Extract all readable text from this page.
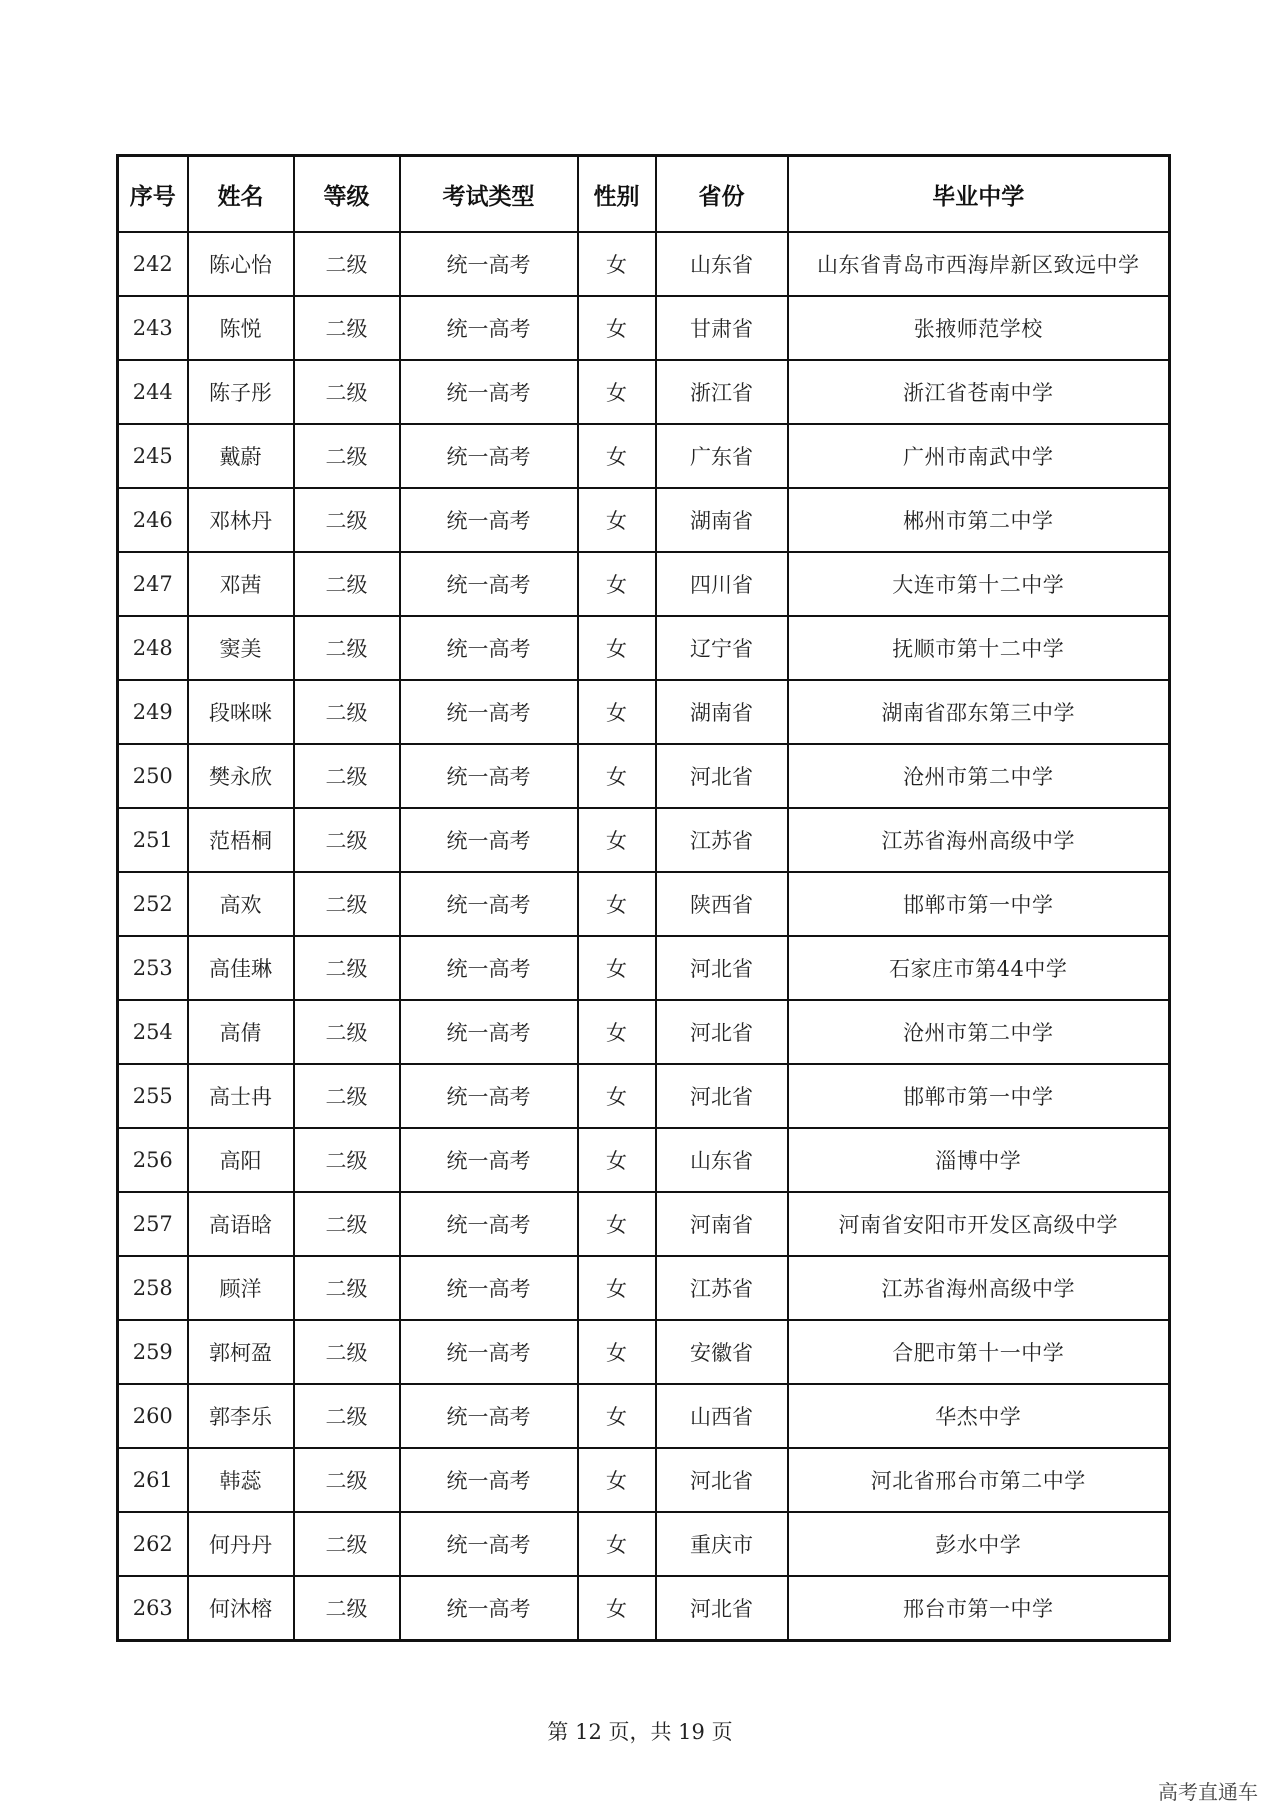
序号	姓名	等级	考试类型	性别	省份	毕业中学
242	陈心怡	二级	统一高考	女	山东省	山东省青岛市西海岸新区致远中学
243	陈悦	二级	统一高考	女	甘肃省	张掖师范学校
244	陈子彤	二级	统一高考	女	浙江省	浙江省苍南中学
245	戴蔚	二级	统一高考	女	广东省	广州市南武中学
246	邓林丹	二级	统一高考	女	湖南省	郴州市第二中学
247	邓茜	二级	统一高考	女	四川省	大连市第十二中学
248	窦美	二级	统一高考	女	辽宁省	抚顺市第十二中学
249	段咪咪	二级	统一高考	女	湖南省	湖南省邵东第三中学
250	樊永欣	二级	统一高考	女	河北省	沧州市第二中学
251	范梧桐	二级	统一高考	女	江苏省	江苏省海州高级中学
252	高欢	二级	统一高考	女	陕西省	邯郸市第一中学
253	高佳琳	二级	统一高考	女	河北省	石家庄市第44中学
254	高倩	二级	统一高考	女	河北省	沧州市第二中学
255	高士冉	二级	统一高考	女	河北省	邯郸市第一中学
256	高阳	二级	统一高考	女	山东省	淄博中学
257	高语晗	二级	统一高考	女	河南省	河南省安阳市开发区高级中学
258	顾洋	二级	统一高考	女	江苏省	江苏省海州高级中学
259	郭柯盈	二级	统一高考	女	安徽省	合肥市第十一中学
260	郭李乐	二级	统一高考	女	山西省	华杰中学
261	韩蕊	二级	统一高考	女	河北省	河北省邢台市第二中学
262	何丹丹	二级	统一高考	女	重庆市	彭水中学
263	何沐榕	二级	统一高考	女	河北省	邢台市第一中学
第 12 页，共 19 页
高考直通车
